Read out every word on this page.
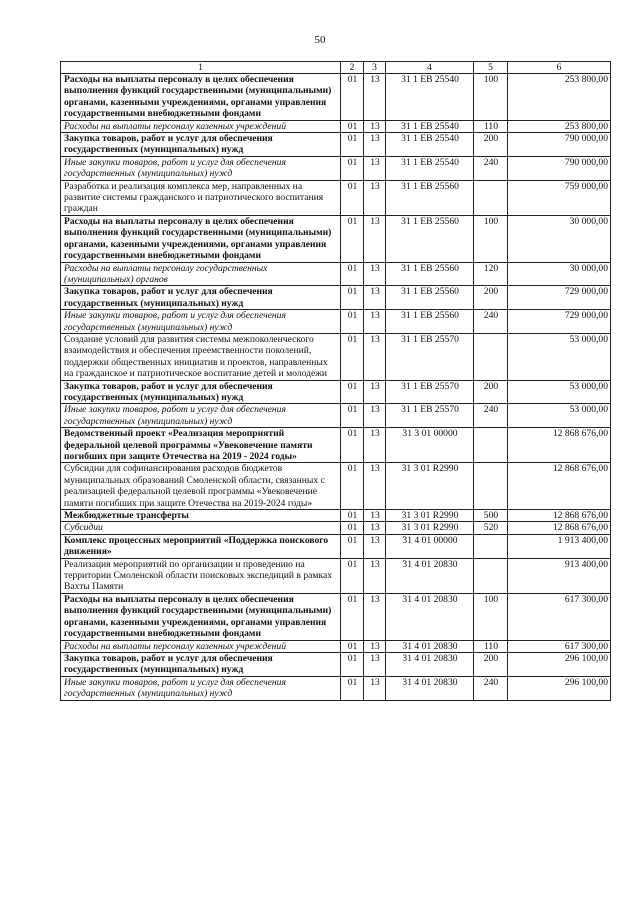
50
1	2	3	4	5	6
Расходы на выплаты персоналу в целях обеспечения выполнения функций государственными (муниципальными) органами, казенными учреждениями, органами управления государственными внебюджетными фондами	01	13	31 1 ЕВ 25540	100	253 800,00
Расходы на выплаты персоналу казенных учреждений	01	13	31 1 ЕВ 25540	110	253 800,00
Закупка товаров, работ и услуг для обеспечения государственных (муниципальных) нужд	01	13	31 1 ЕВ 25540	200	790 000,00
Иные закупки товаров, работ и услуг для обеспечения государственных (муниципальных) нужд	01	13	31 1 ЕВ 25540	240	790 000,00
Разработка и реализация комплекса мер, направленных на развитие системы гражданского и патриотического воспитания граждан	01	13	31 1 ЕВ 25560		759 000,00
Расходы на выплаты персоналу в целях обеспечения выполнения функций государственными (муниципальными) органами, казенными учреждениями, органами управления государственными внебюджетными фондами	01	13	31 1 ЕВ 25560	100	30 000,00
Расходы на выплаты персоналу государственных (муниципальных) органов	01	13	31 1 ЕВ 25560	120	30 000,00
Закупка товаров, работ и услуг для обеспечения государственных (муниципальных) нужд	01	13	31 1 ЕВ 25560	200	729 000,00
Иные закупки товаров, работ и услуг для обеспечения государственных (муниципальных) нужд	01	13	31 1 ЕВ 25560	240	729 000,00
Создание условий для развития системы межпоколенческого взаимодействия и обеспечения преемственности поколений, поддержки общественных инициатив и проектов, направленных на гражданское и патриотическое воспитание детей и молодежи	01	13	31 1 ЕВ 25570		53 000,00
Закупка товаров, работ и услуг для обеспечения государственных (муниципальных) нужд	01	13	31 1 ЕВ 25570	200	53 000,00
Иные закупки товаров, работ и услуг для обеспечения государственных (муниципальных) нужд	01	13	31 1 ЕВ 25570	240	53 000,00
Ведомственный проект «Реализация мероприятий федеральной целевой программы «Увековечение памяти погибших при защите Отечества на 2019 - 2024 годы»	01	13	31 3 01 00000		12 868 676,00
Субсидии для софинансирования расходов бюджетов муниципальных образований Смоленской области, связанных с реализацией федеральной целевой программы «Увековечение памяти погибших при защите Отечества на 2019-2024 годы»	01	13	31 3 01 R2990		12 868 676,00
Межбюджетные трансферты	01	13	31 3 01 R2990	500	12 868 676,00
Субсидии	01	13	31 3 01 R2990	520	12 868 676,00
Комплекс процессных мероприятий «Поддержка поискового движения»	01	13	31 4 01 00000		1 913 400,00
Реализация мероприятий по организации и проведению на территории Смоленской области поисковых экспедиций в рамках Вахты Памяти	01	13	31 4 01 20830		913 400,00
Расходы на выплаты персоналу в целях обеспечения выполнения функций государственными (муниципальными) органами, казенными учреждениями, органами управления государственными внебюджетными фондами	01	13	31 4 01 20830	100	617 300,00
Расходы на выплаты персоналу казенных учреждений	01	13	31 4 01 20830	110	617 300,00
Закупка товаров, работ и услуг для обеспечения государственных (муниципальных) нужд	01	13	31 4 01 20830	200	296 100,00
Иные закупки товаров, работ и услуг для обеспечения государственных (муниципальных) нужд	01	13	31 4 01 20830	240	296 100,00
